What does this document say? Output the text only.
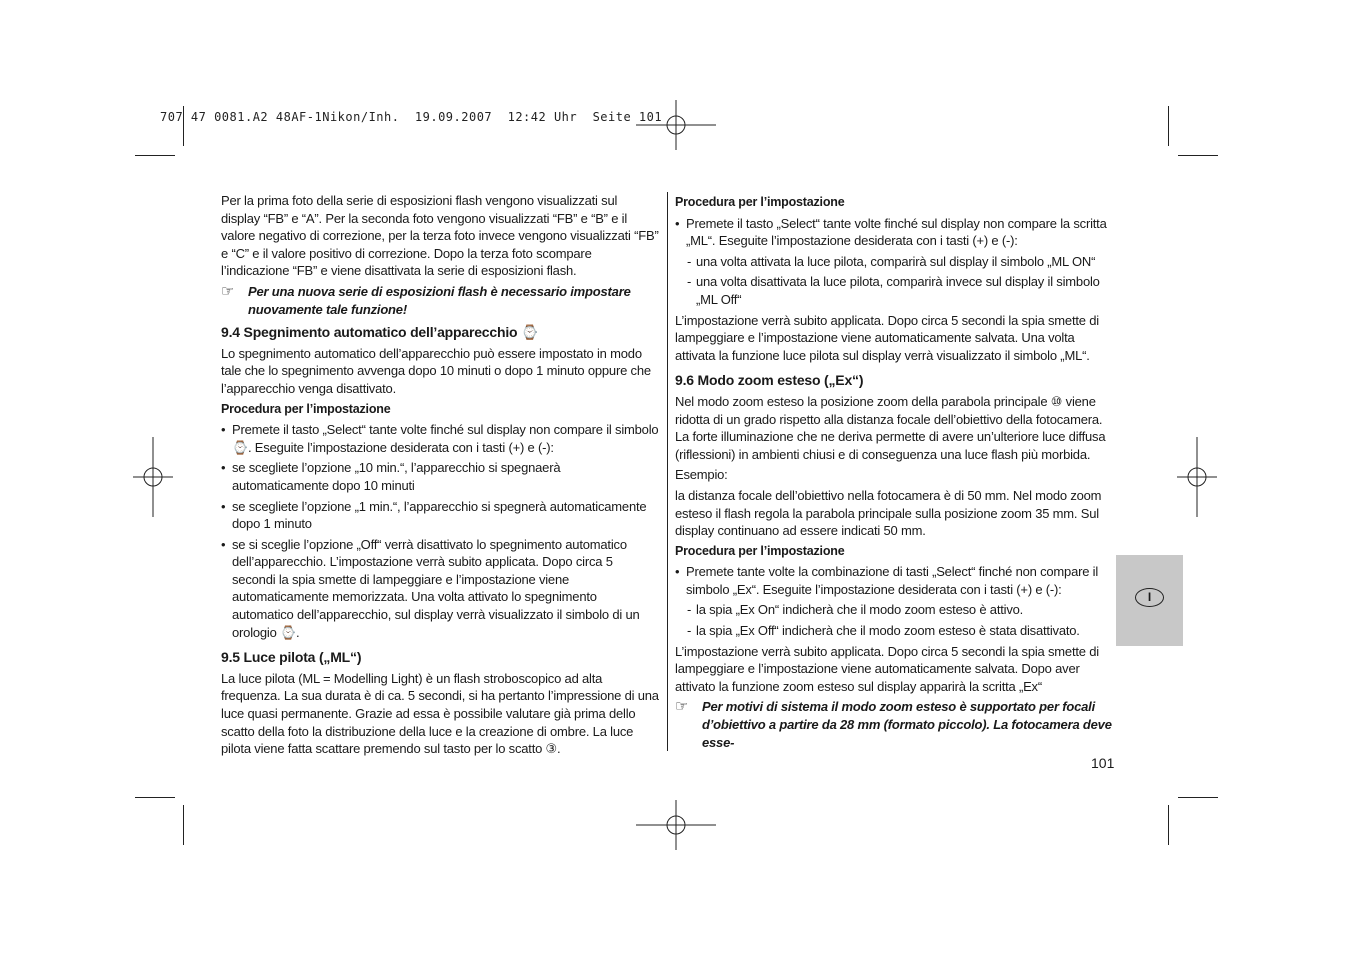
707 47 0081.A2 48AF-1Nikon/Inh.  19.09.2007  12:42 Uhr  Seite 101

Per la prima foto della serie di esposizioni flash vengono visualizzati sul display “FB” e “A”. Per la seconda foto vengono visualizzati “FB” e “B” e il valore negativo di correzione, per la terza foto invece vengono visualizzati “FB” e “C” e il valore positivo di correzione. Dopo la terza foto scompare l’indicazione “FB” e viene disattivata la serie di esposizioni flash.

☞	Per una nuova serie di esposizioni flash è necessario impostare nuovamente tale funzione!
9.4 Spegnimento automatico dell’apparecchio ⌚

Lo spegnimento automatico dell’apparecchio può essere impostato in modo tale che lo spegnimento avvenga dopo 10 minuti o dopo 1 minuto oppure che l’apparecchio venga disattivato.

Procedura per l’impostazione
• Premete il tasto „Select“ tante volte finché sul display non compare il simbolo ⌚. Eseguite l’impostazione desiderata con i tasti (+) e (-):
• se scegliete l’opzione „10 min.“, l’apparecchio si spegnaerà automaticamente dopo 10 minuti
• se scegliete l’opzione „1 min.“, l’apparecchio si spegnerà automaticamente dopo 1 minuto
• se si sceglie l’opzione „Off“ verrà disattivato lo spegnimento automatico dell’apparecchio. L’impostazione verrà subito applicata. Dopo circa 5 secondi la spia smette di lampeggiare e l’impostazione viene automaticamente memorizzata. Una volta attivato lo spegnimento automatico dell’apparecchio, sul display verrà visualizzato il simbolo di un orologio ⌚.
9.5 Luce pilota („ML“)

La luce pilota (ML = Modelling Light) è un flash stroboscopico ad alta frequenza. La sua durata è di ca. 5 secondi, si ha pertanto l’impressione di una luce quasi permanente. Grazie ad essa è possibile valutare già prima dello scatto della foto la distribuzione della luce e la creazione di ombre. La luce pilota viene fatta scattare premendo sul tasto per lo scatto ③.

Procedura per l’impostazione
• Premete il tasto „Select“ tante volte finché sul display non compare la scritta „ML“. Eseguite l’impostazione desiderata con i tasti (+) e (-):
- una volta attivata la luce pilota, comparirà sul display il simbolo „ML ON“
- una volta disattivata la luce pilota, comparirà invece sul display il simbolo „ML Off“

L’impostazione verrà subito applicata. Dopo circa 5 secondi la spia smette di lampeggiare e l’impostazione viene automaticamente salvata. Una volta attivata la funzione luce pilota sul display verrà visualizzato il simbolo „ML“.

9.6 Modo zoom esteso („Ex“)

Nel modo zoom esteso la posizione zoom della parabola principale ⑩ viene ridotta di un grado rispetto alla distanza focale dell’obiettivo della fotocamera. La forte illuminazione che ne deriva permette di avere un’ulteriore luce diffusa (riflessioni) in ambienti chiusi e di conseguenza una luce flash più morbida.

Esempio:

la distanza focale dell’obiettivo nella fotocamera è di 50 mm. Nel modo zoom esteso il flash regola la parabola principale sulla posizione zoom 35 mm. Sul display continuano ad essere indicati 50 mm.

Procedura per l’impostazione
• Premete tante volte la combinazione di tasti „Select“ finché non compare il simbolo „Ex“. Eseguite l’impostazione desiderata con i tasti (+) e (-):
- la spia „Ex On“ indicherà che il modo zoom esteso è attivo.
- la spia „Ex Off“ indicherà che il modo zoom esteso è stata disattivato.

L’impostazione verrà subito applicata. Dopo circa 5 secondi la spia smette di lampeggiare e l’impostazione viene automaticamente salvata. Dopo aver attivato la funzione zoom esteso sul display apparirà la scritta „Ex“

☞	Per motivi di sistema il modo zoom esteso è supportato per focali d’obiettivo a partire da 28 mm (formato piccolo). La fotocamera deve esse-
I
101
